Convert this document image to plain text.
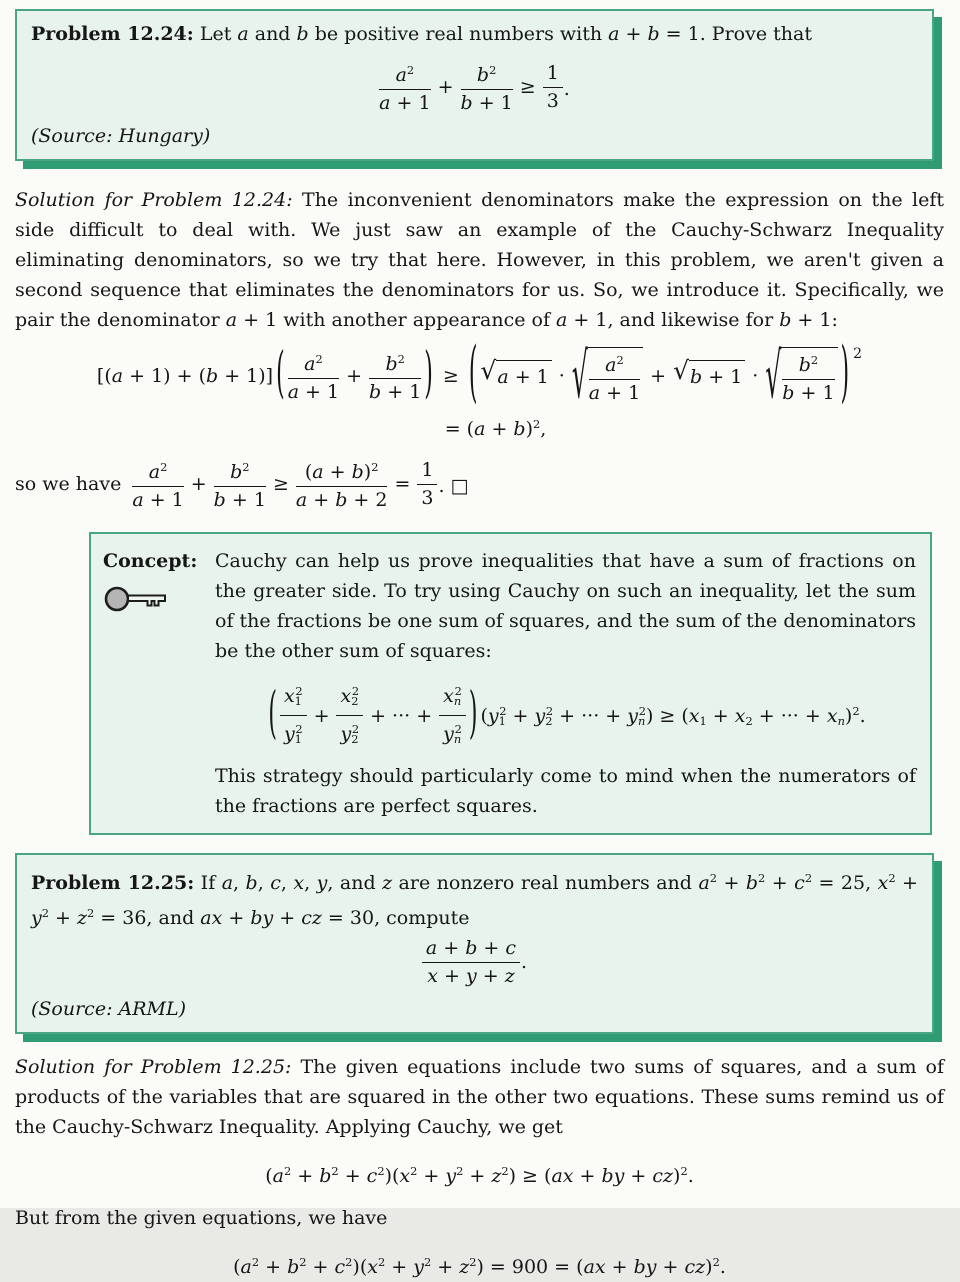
Problem 12.24: Let a and b be positive real numbers with a + b = 1. Prove that

$\frac{a^2}{a + 1} + \frac{b^2}{b + 1} \ge \frac{1}{3}$ .

(Source: Hungary)

Solution for Problem 12.24: The inconvenient denominators make the expression on the left side difficult to deal with. We just saw an example of the Cauchy-Schwarz Inequality eliminating denominators, so we try that here. However, in this problem, we aren't given a second sequence that eliminates the denominators for us. So, we introduce it. Specifically, we pair the denominator a + 1 with another appearance of a + 1, and likewise for b + 1:

[(a + 1) + (b + 1)] ( $\frac{a^2}{a + 1} + \frac{b^2}{b + 1}$ ) ≥ ( √ a + 1 · √ $\frac{a^2}{a + 1}$ + √ b + 1 · √ $\frac{b^2}{b + 1}$ ) 2
= $(a + b)^2$,
so we have $\frac{a^2}{a + 1} + \frac{b^2}{b + 1} \ge \frac{(a + b)^2}{a + b + 2} = \frac{1}{3}$ . □
Concept: Cauchy can help us prove inequalities that have a sum of fractions on the greater side. To try using Cauchy on such an inequality, let the sum of the fractions be one sum of squares, and the sum of the denominators be the other sum of squares:

( $\frac{x_1^2}{y_1^2} + \frac{x_2^2}{y_2^2}$ + ··· + $\frac{x_n^2}{y_n^2}$ ) ($y_1^2 + y_2^2$ + ··· + $y_n^2) \ge (x_1 + x_2$ + ··· + $x_n)^2$.

This strategy should particularly come to mind when the numerators of the fractions are perfect squares.

Problem 12.25: If a, b, c, x, y, and z are nonzero real numbers and $a^2 + b^2 + c^2 = 25$, $x^2 + y^2 + z^2 = 36$, and ax + by + cz = 30, compute

$\frac{a + b + c}{x + y + z}$ .

(Source: ARML)

Solution for Problem 12.25: The given equations include two sums of squares, and a sum of products of the variables that are squared in the other two equations. These sums remind us of the Cauchy-Schwarz Inequality. Applying Cauchy, we get

$(a^2 + b^2 + c^2)(x^2 + y^2 + z^2) \ge (ax$ + by + cz)$^2$.

But from the given equations, we have

$(a^2 + b^2 + c^2)(x^2 + y^2 + z^2) = 900 = (ax$ + by + cz)$^2$.
